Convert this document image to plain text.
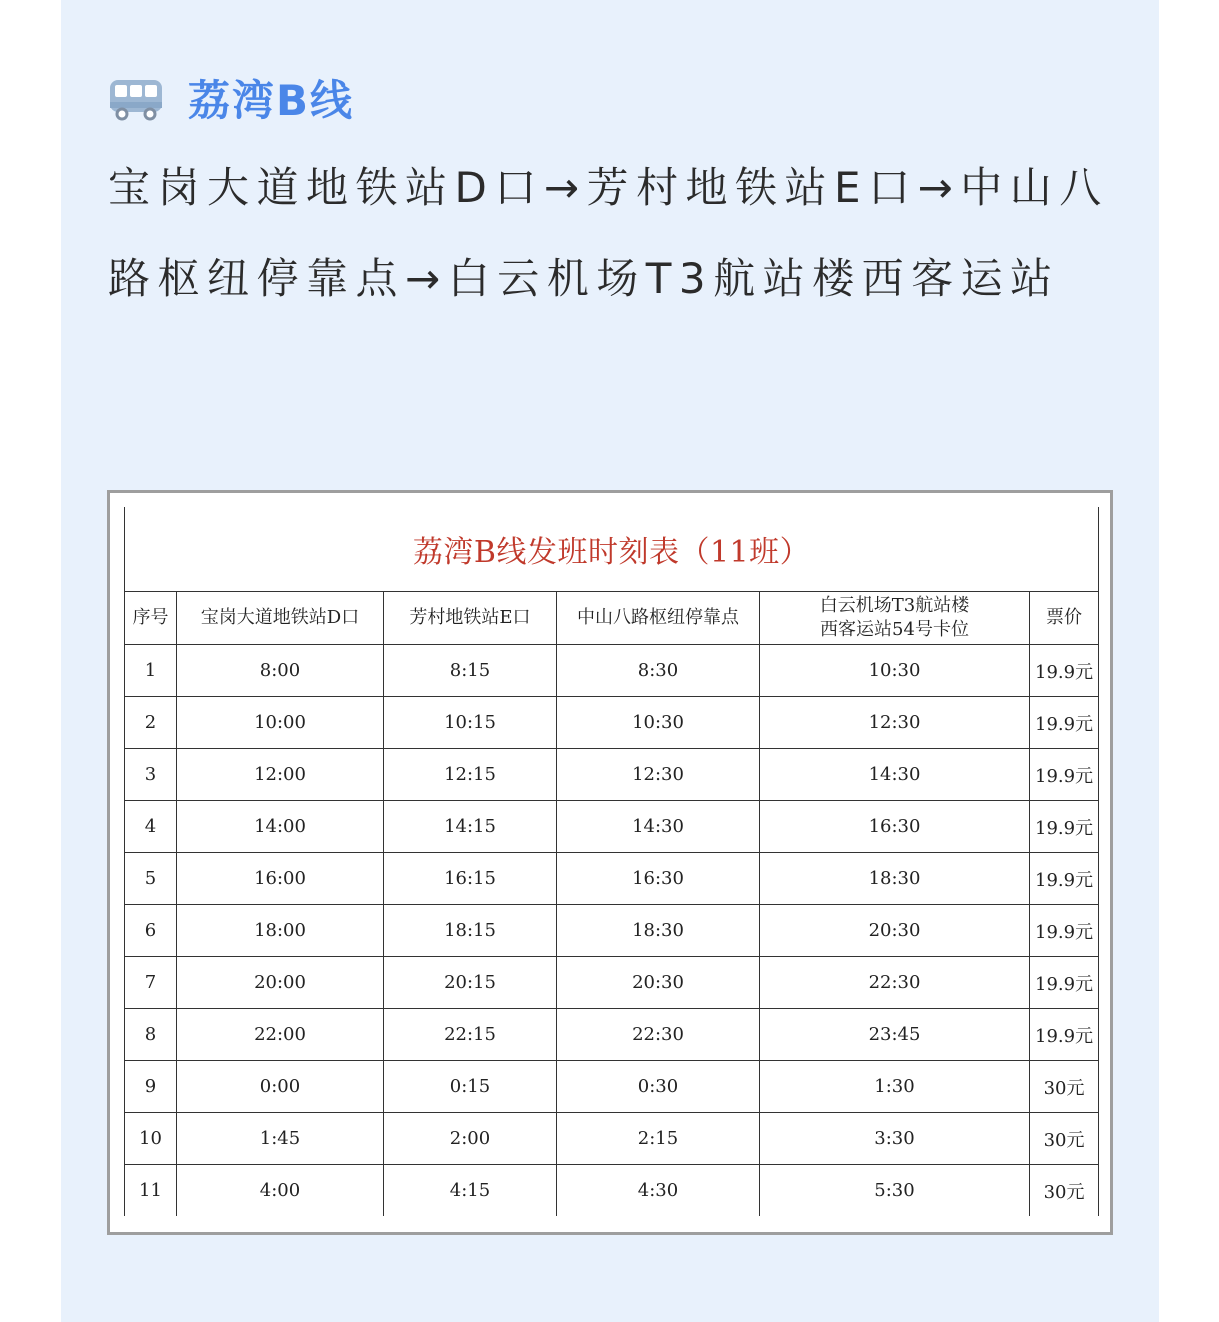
荔湾B线
宝岗大道地铁站D口→芳村地铁站E口→中山八路枢纽停靠点→白云机场T3航站楼西客运站
荔湾B线发班时刻表（11班）					
序号	宝岗大道地铁站D口	芳村地铁站E口	中山八路枢纽停靠点	白云机场T3航站楼
西客运站54号卡位	票价
1	8:00	8:15	8:30	10:30	19.9元
2	10:00	10:15	10:30	12:30	19.9元
3	12:00	12:15	12:30	14:30	19.9元
4	14:00	14:15	14:30	16:30	19.9元
5	16:00	16:15	16:30	18:30	19.9元
6	18:00	18:15	18:30	20:30	19.9元
7	20:00	20:15	20:30	22:30	19.9元
8	22:00	22:15	22:30	23:45	19.9元
9	0:00	0:15	0:30	1:30	30元
10	1:45	2:00	2:15	3:30	30元
11	4:00	4:15	4:30	5:30	30元
